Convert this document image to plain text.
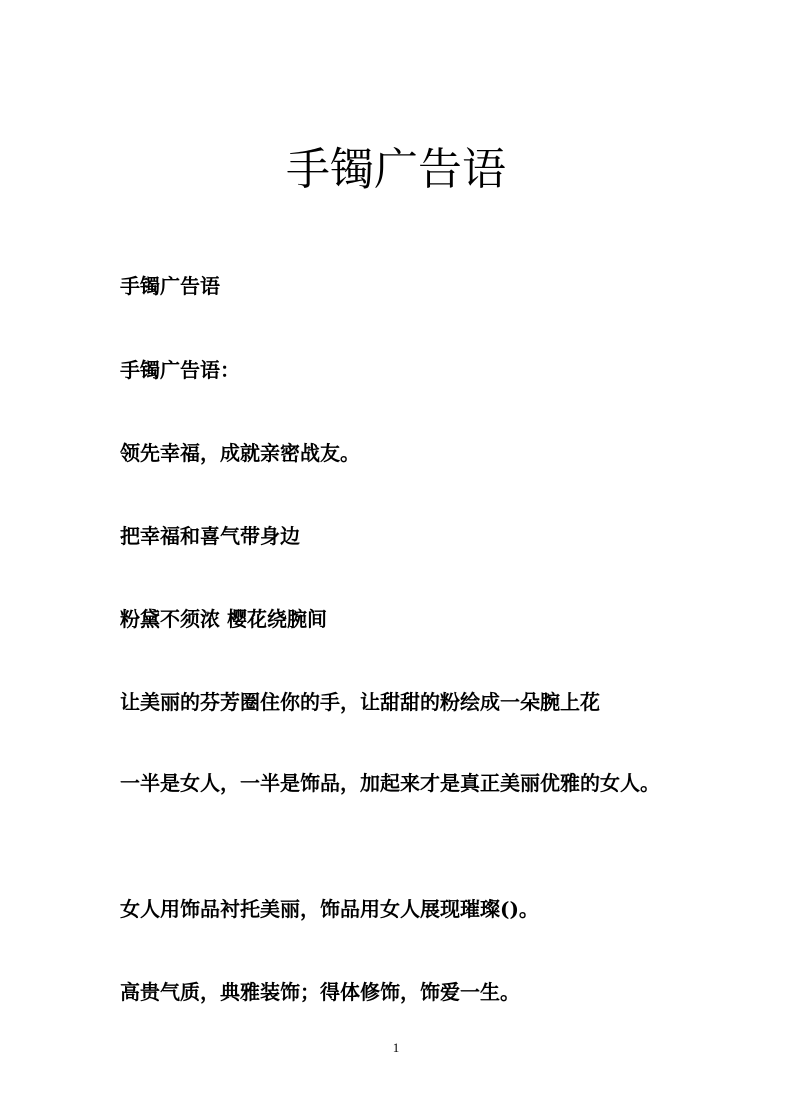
手镯广告语

手镯广告语

手镯广告语：

领先幸福，成就亲密战友。

把幸福和喜气带身边

粉黛不须浓 樱花绕腕间

让美丽的芬芳圈住你的手，让甜甜的粉绘成一朵腕上花

一半是女人，一半是饰品，加起来才是真正美丽优雅的女人。

女人用饰品衬托美丽，饰品用女人展现璀璨()。

高贵气质，典雅装饰；得体修饰，饰爱一生。

1
